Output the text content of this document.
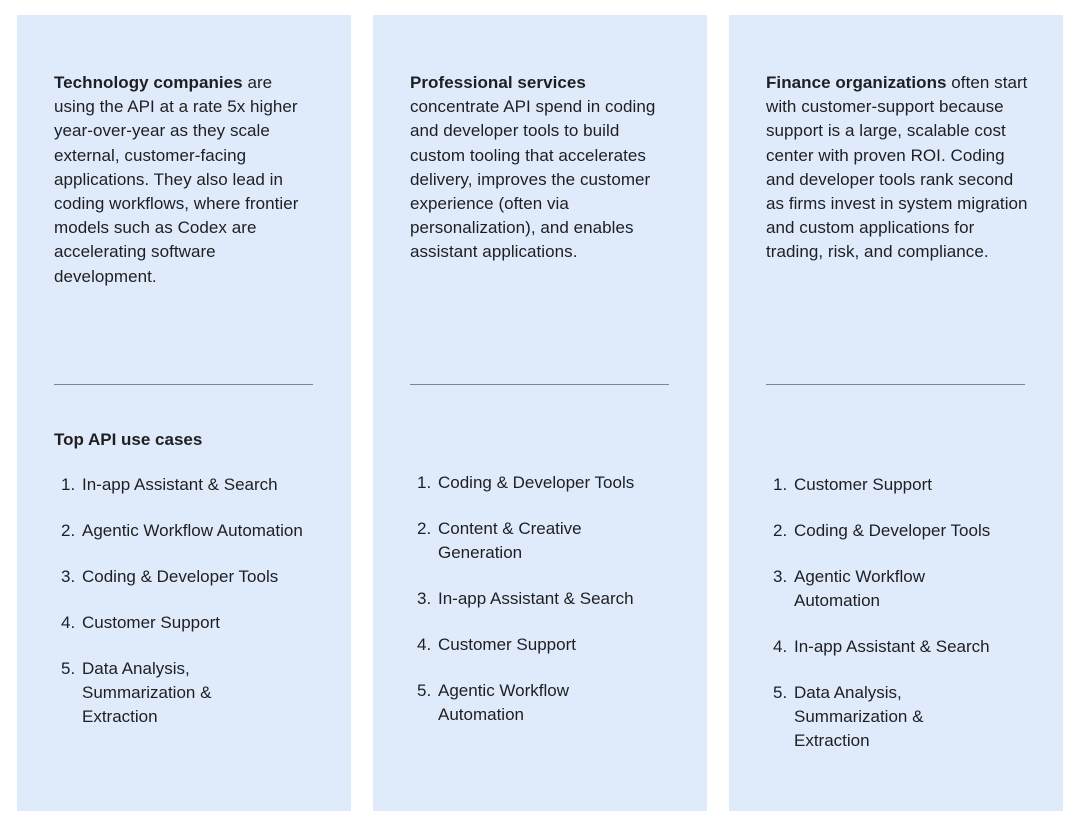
Technology companies are using the API at a rate 5x higher year-over-year as they scale external, customer-facing applications. They also lead in coding workflows, where frontier models such as Codex are accelerating software development.

Top API use cases
1. In-app Assistant & Search
2. Agentic Workflow Automation
3. Coding & Developer Tools
4. Customer Support
5. Data Analysis, Summarization & Extraction

Professional services concentrate API spend in coding and developer tools to build custom tooling that accelerates delivery, improves the customer experience (often via personalization), and enables assistant applications.

1. Coding & Developer Tools
2. Content & Creative Generation
3. In-app Assistant & Search
4. Customer Support
5. Agentic Workflow Automation

Finance organizations often start with customer-support because support is a large, scalable cost center with proven ROI. Coding and developer tools rank second as firms invest in system migration and custom applications for trading, risk, and compliance.

1. Customer Support
2. Coding & Developer Tools
3. Agentic Workflow Automation
4. In-app Assistant & Search
5. Data Analysis, Summarization & Extraction
